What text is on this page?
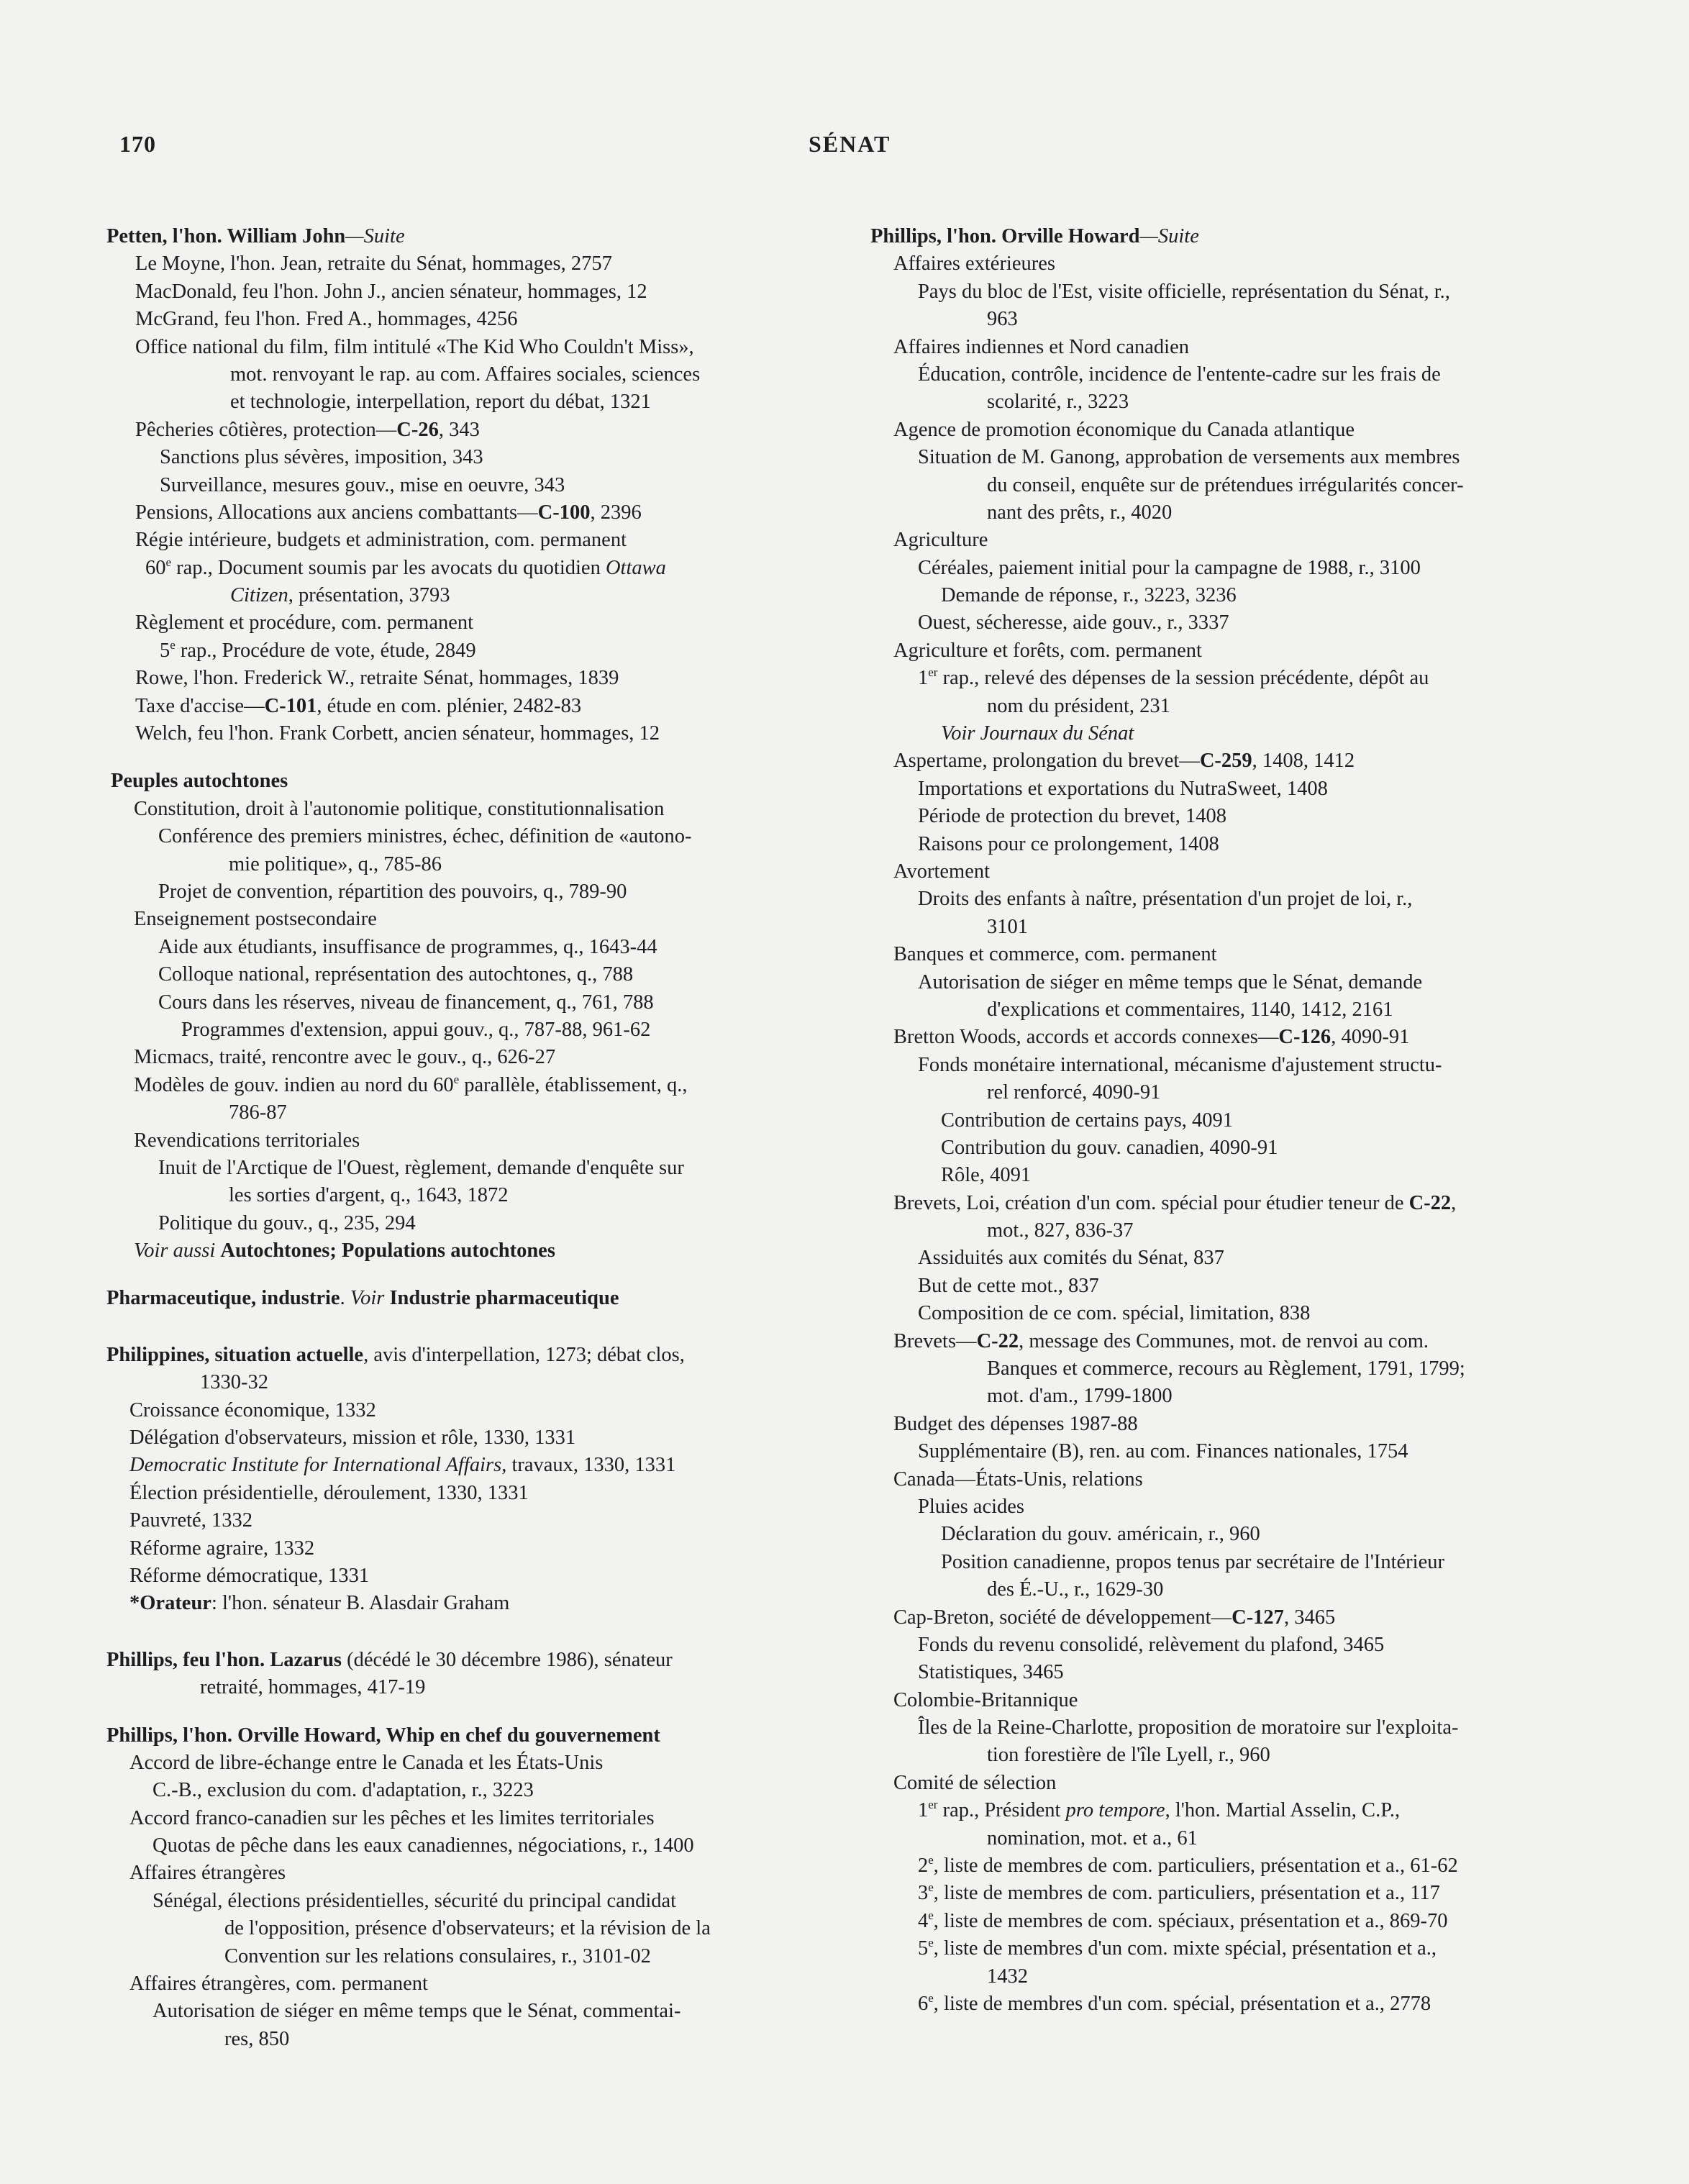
170	SÉNAT
Petten, l'hon. William John—Suite
Le Moyne, l'hon. Jean, retraite du Sénat, hommages, 2757
MacDonald, feu l'hon. John J., ancien sénateur, hommages, 12
McGrand, feu l'hon. Fred A., hommages, 4256
Office national du film, film intitulé «The Kid Who Couldn't Miss»,
mot. renvoyant le rap. au com. Affaires sociales, sciences
et technologie, interpellation, report du débat, 1321
Pêcheries côtières, protection—C-26, 343
Sanctions plus sévères, imposition, 343
Surveillance, mesures gouv., mise en oeuvre, 343
Pensions, Allocations aux anciens combattants—C-100, 2396
Régie intérieure, budgets et administration, com. permanent
60e rap., Document soumis par les avocats du quotidien Ottawa
Citizen, présentation, 3793
Règlement et procédure, com. permanent
5e rap., Procédure de vote, étude, 2849
Rowe, l'hon. Frederick W., retraite Sénat, hommages, 1839
Taxe d'accise—C-101, étude en com. plénier, 2482-83
Welch, feu l'hon. Frank Corbett, ancien sénateur, hommages, 12
Peuples autochtones
Constitution, droit à l'autonomie politique, constitutionnalisation
Conférence des premiers ministres, échec, définition de «autono-
mie politique», q., 785-86
Projet de convention, répartition des pouvoirs, q., 789-90
Enseignement postsecondaire
Aide aux étudiants, insuffisance de programmes, q., 1643-44
Colloque national, représentation des autochtones, q., 788
Cours dans les réserves, niveau de financement, q., 761, 788
Programmes d'extension, appui gouv., q., 787-88, 961-62
Micmacs, traité, rencontre avec le gouv., q., 626-27
Modèles de gouv. indien au nord du 60e parallèle, établissement, q.,
786-87
Revendications territoriales
Inuit de l'Arctique de l'Ouest, règlement, demande d'enquête sur
les sorties d'argent, q., 1643, 1872
Politique du gouv., q., 235, 294
Voir aussi Autochtones; Populations autochtones
Pharmaceutique, industrie. Voir Industrie pharmaceutique
Philippines, situation actuelle, avis d'interpellation, 1273; débat clos,
1330-32
Croissance économique, 1332
Délégation d'observateurs, mission et rôle, 1330, 1331
Democratic Institute for International Affairs, travaux, 1330, 1331
Élection présidentielle, déroulement, 1330, 1331
Pauvreté, 1332
Réforme agraire, 1332
Réforme démocratique, 1331
*Orateur: l'hon. sénateur B. Alasdair Graham
Phillips, feu l'hon. Lazarus (décédé le 30 décembre 1986), sénateur
retraité, hommages, 417-19
Phillips, l'hon. Orville Howard, Whip en chef du gouvernement
Accord de libre-échange entre le Canada et les États-Unis
C.-B., exclusion du com. d'adaptation, r., 3223
Accord franco-canadien sur les pêches et les limites territoriales
Quotas de pêche dans les eaux canadiennes, négociations, r., 1400
Affaires étrangères
Sénégal, élections présidentielles, sécurité du principal candidat
de l'opposition, présence d'observateurs; et la révision de la
Convention sur les relations consulaires, r., 3101-02
Affaires étrangères, com. permanent
Autorisation de siéger en même temps que le Sénat, commentai-
res, 850
Phillips, l'hon. Orville Howard—Suite
Affaires extérieures
Pays du bloc de l'Est, visite officielle, représentation du Sénat, r.,
963
Affaires indiennes et Nord canadien
Éducation, contrôle, incidence de l'entente-cadre sur les frais de
scolarité, r., 3223
Agence de promotion économique du Canada atlantique
Situation de M. Ganong, approbation de versements aux membres
du conseil, enquête sur de prétendues irrégularités concer-
nant des prêts, r., 4020
Agriculture
Céréales, paiement initial pour la campagne de 1988, r., 3100
Demande de réponse, r., 3223, 3236
Ouest, sécheresse, aide gouv., r., 3337
Agriculture et forêts, com. permanent
1er rap., relevé des dépenses de la session précédente, dépôt au
nom du président, 231
Voir Journaux du Sénat
Aspertame, prolongation du brevet—C-259, 1408, 1412
Importations et exportations du NutraSweet, 1408
Période de protection du brevet, 1408
Raisons pour ce prolongement, 1408
Avortement
Droits des enfants à naître, présentation d'un projet de loi, r.,
3101
Banques et commerce, com. permanent
Autorisation de siéger en même temps que le Sénat, demande
d'explications et commentaires, 1140, 1412, 2161
Bretton Woods, accords et accords connexes—C-126, 4090-91
Fonds monétaire international, mécanisme d'ajustement structu-
rel renforcé, 4090-91
Contribution de certains pays, 4091
Contribution du gouv. canadien, 4090-91
Rôle, 4091
Brevets, Loi, création d'un com. spécial pour étudier teneur de C-22,
mot., 827, 836-37
Assiduités aux comités du Sénat, 837
But de cette mot., 837
Composition de ce com. spécial, limitation, 838
Brevets—C-22, message des Communes, mot. de renvoi au com.
Banques et commerce, recours au Règlement, 1791, 1799;
mot. d'am., 1799-1800
Budget des dépenses 1987-88
Supplémentaire (B), ren. au com. Finances nationales, 1754
Canada—États-Unis, relations
Pluies acides
Déclaration du gouv. américain, r., 960
Position canadienne, propos tenus par secrétaire de l'Intérieur
des É.-U., r., 1629-30
Cap-Breton, société de développement—C-127, 3465
Fonds du revenu consolidé, relèvement du plafond, 3465
Statistiques, 3465
Colombie-Britannique
Îles de la Reine-Charlotte, proposition de moratoire sur l'exploita-
tion forestière de l'île Lyell, r., 960
Comité de sélection
1er rap., Président pro tempore, l'hon. Martial Asselin, C.P.,
nomination, mot. et a., 61
2e, liste de membres de com. particuliers, présentation et a., 61-62
3e, liste de membres de com. particuliers, présentation et a., 117
4e, liste de membres de com. spéciaux, présentation et a., 869-70
5e, liste de membres d'un com. mixte spécial, présentation et a.,
1432
6e, liste de membres d'un com. spécial, présentation et a., 2778
